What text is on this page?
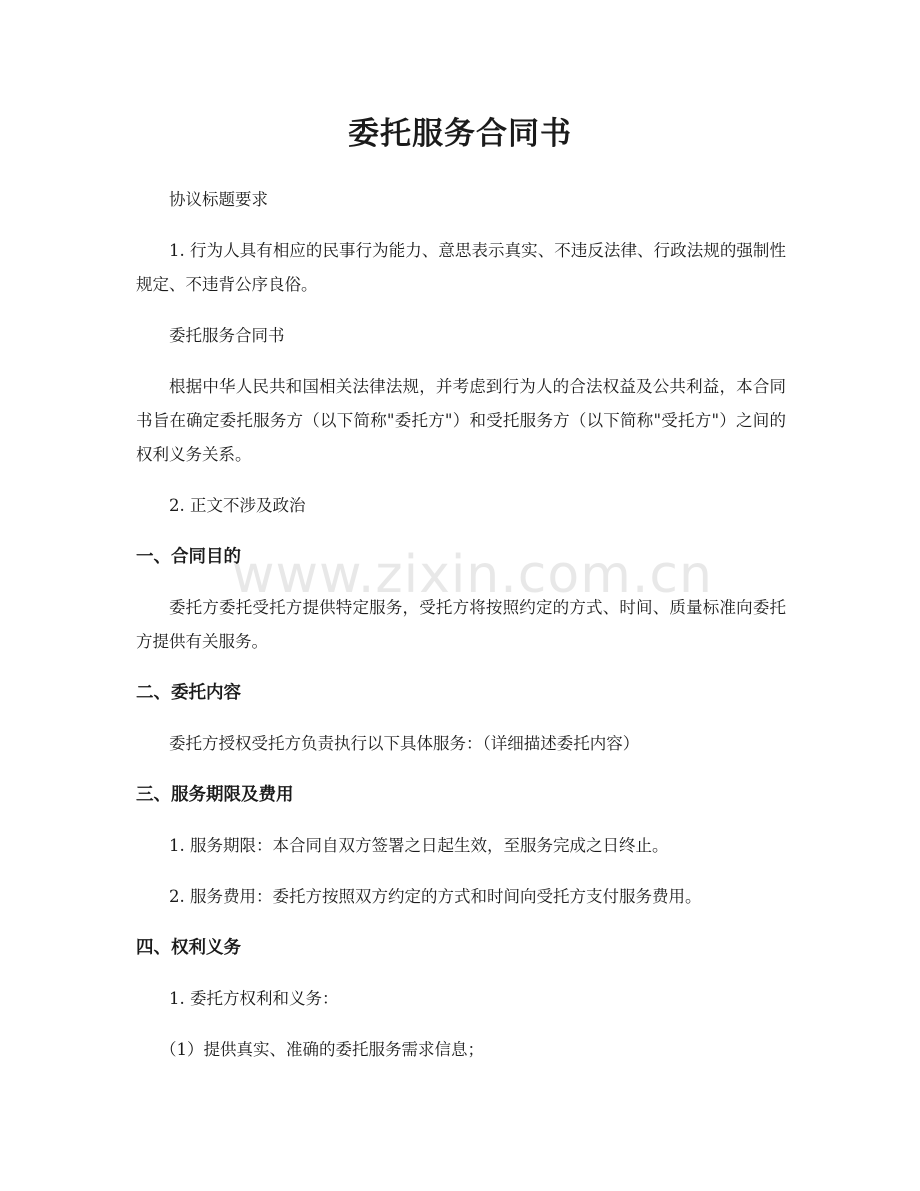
委托服务合同书

协议标题要求

1. 行为人具有相应的民事行为能力、意思表示真实、不违反法律、行政法规的强制性规定、不违背公序良俗。

委托服务合同书

根据中华人民共和国相关法律法规，并考虑到行为人的合法权益及公共利益，本合同书旨在确定委托服务方（以下简称"委托方"）和受托服务方（以下简称"受托方"）之间的权利义务关系。

2. 正文不涉及政治

一、合同目的

委托方委托受托方提供特定服务，受托方将按照约定的方式、时间、质量标准向委托方提供有关服务。

二、委托内容

委托方授权受托方负责执行以下具体服务：（详细描述委托内容）

三、服务期限及费用

1. 服务期限：本合同自双方签署之日起生效，至服务完成之日终止。

2. 服务费用：委托方按照双方约定的方式和时间向受托方支付服务费用。

四、权利义务

1. 委托方权利和义务：

（1）提供真实、准确的委托服务需求信息；

www.zixin.com.cn
